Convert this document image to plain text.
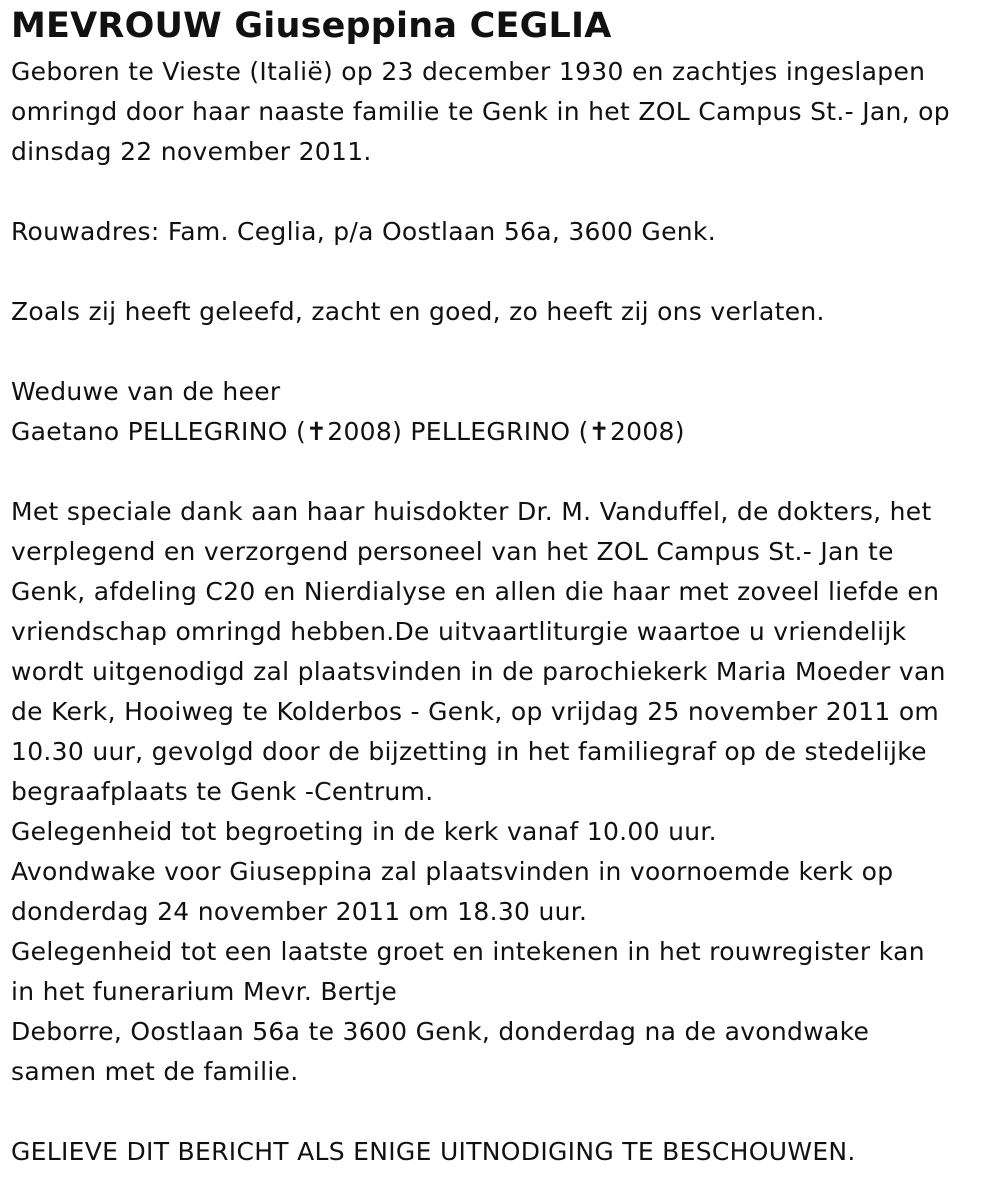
MEVROUW Giuseppina CEGLIA
Geboren te Vieste (Italië) op 23 december 1930 en zachtjes ingeslapen
omringd door haar naaste familie te Genk in het ZOL Campus St.- Jan, op
dinsdag 22 november 2011.
Rouwadres: Fam. Ceglia, p/a Oostlaan 56a, 3600 Genk.
Zoals zij heeft geleefd, zacht en goed, zo heeft zij ons verlaten.
Weduwe van de heer
Gaetano PELLEGRINO (✝2008) PELLEGRINO (✝2008)
Met speciale dank aan haar huisdokter Dr. M. Vanduffel, de dokters, het
verplegend en verzorgend personeel van het ZOL Campus St.- Jan te
Genk, afdeling C20 en Nierdialyse en allen die haar met zoveel liefde en
vriendschap omringd hebben.De uitvaartliturgie waartoe u vriendelijk
wordt uitgenodigd zal plaatsvinden in de parochiekerk Maria Moeder van
de Kerk, Hooiweg te Kolderbos - Genk, op vrijdag 25 november 2011 om
10.30 uur, gevolgd door de bijzetting in het familiegraf op de stedelijke
begraafplaats te Genk -Centrum.
Gelegenheid tot begroeting in de kerk vanaf 10.00 uur.
Avondwake voor Giuseppina zal plaatsvinden in voornoemde kerk op
donderdag 24 november 2011 om 18.30 uur.
Gelegenheid tot een laatste groet en intekenen in het rouwregister kan
in het funerarium Mevr. Bertje
Deborre, Oostlaan 56a te 3600 Genk, donderdag na de avondwake
samen met de familie.
GELIEVE DIT BERICHT ALS ENIGE UITNODIGING TE BESCHOUWEN.
